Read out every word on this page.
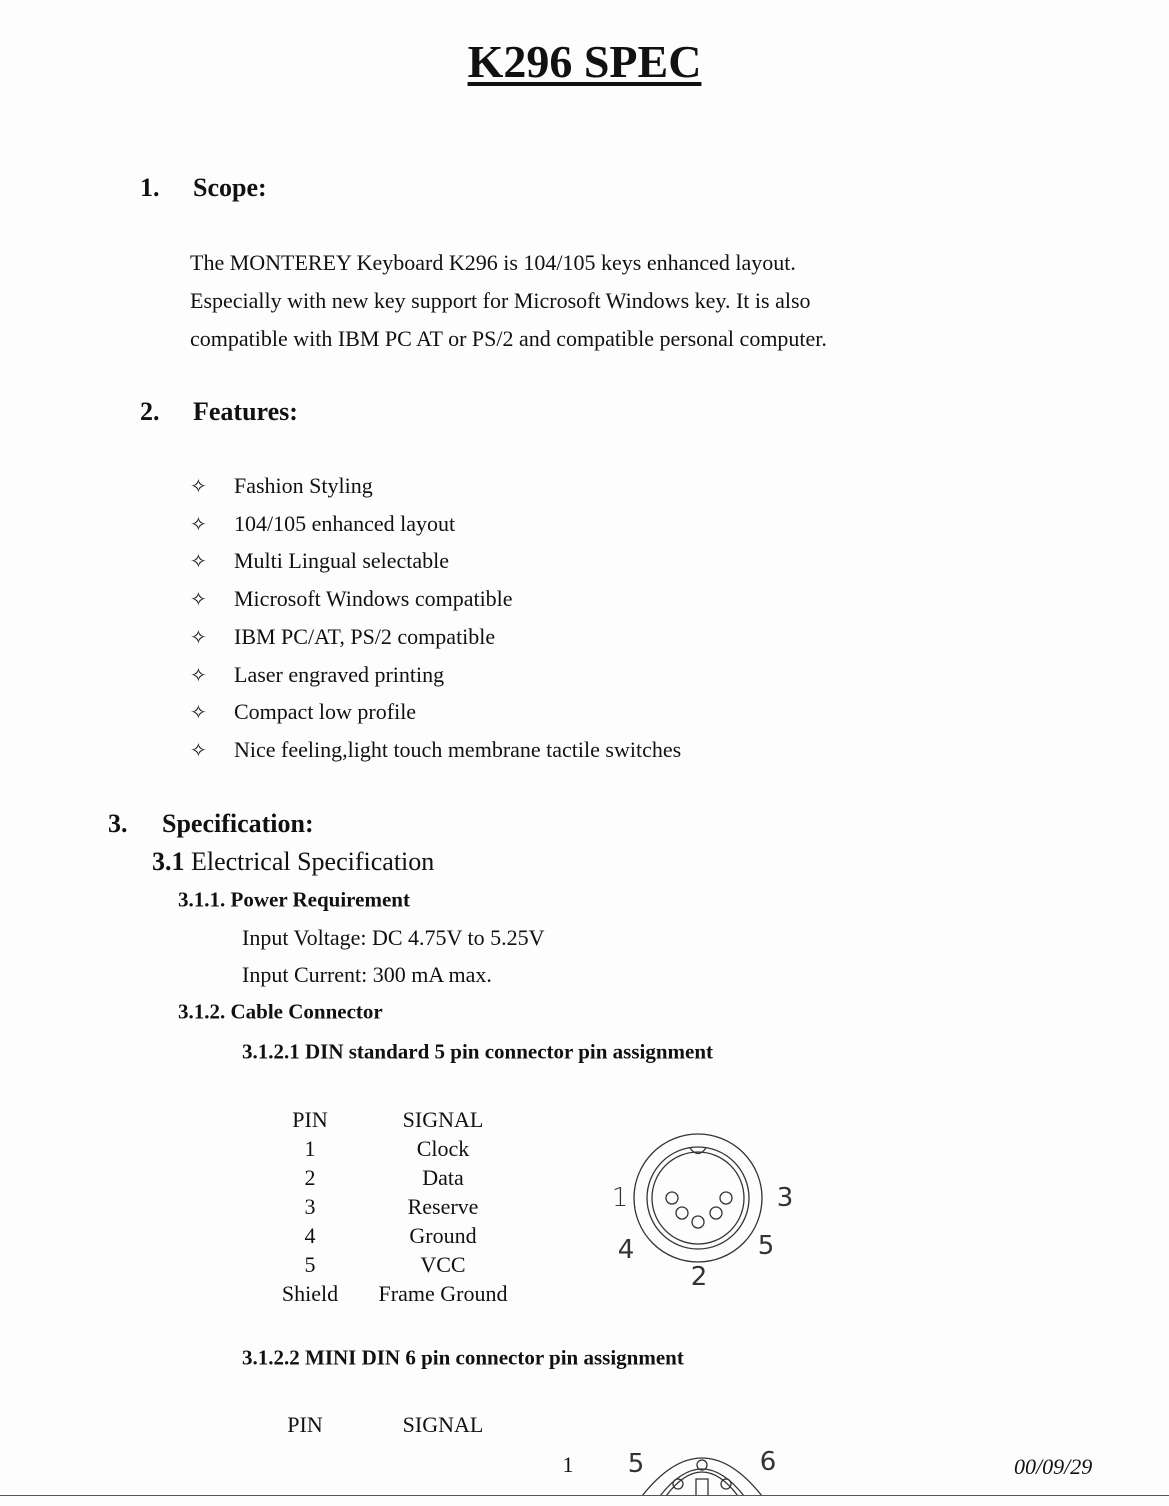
K296 SPEC
1. Scope:
The MONTEREY Keyboard K296 is 104/105 keys enhanced layout.
Especially with new key support for Microsoft Windows key. It is also
compatible with IBM PC AT or PS/2 and compatible personal computer.
2. Features:
✧ Fashion Styling
✧ 104/105 enhanced layout
✧ Multi Lingual selectable
✧ Microsoft Windows compatible
✧ IBM PC/AT, PS/2 compatible
✧ Laser engraved printing
✧ Compact low profile
✧ Nice feeling,light touch membrane tactile switches
3. Specification:
3.1 Electrical Specification
3.1.1. Power Requirement
Input Voltage: DC 4.75V to 5.25V
Input Current: 300 mA max.
3.1.2. Cable Connector
3.1.2.1 DIN standard 5 pin connector pin assignment
PIN	SIGNAL
1	Clock
2	Data
3	Reserve
4	Ground
5	VCC
Shield Frame Ground
1	3
4	5
2
3.1.2.2 MINI DIN 6 pin connector pin assignment
PIN	SIGNAL
5	6
1	00/09/29
